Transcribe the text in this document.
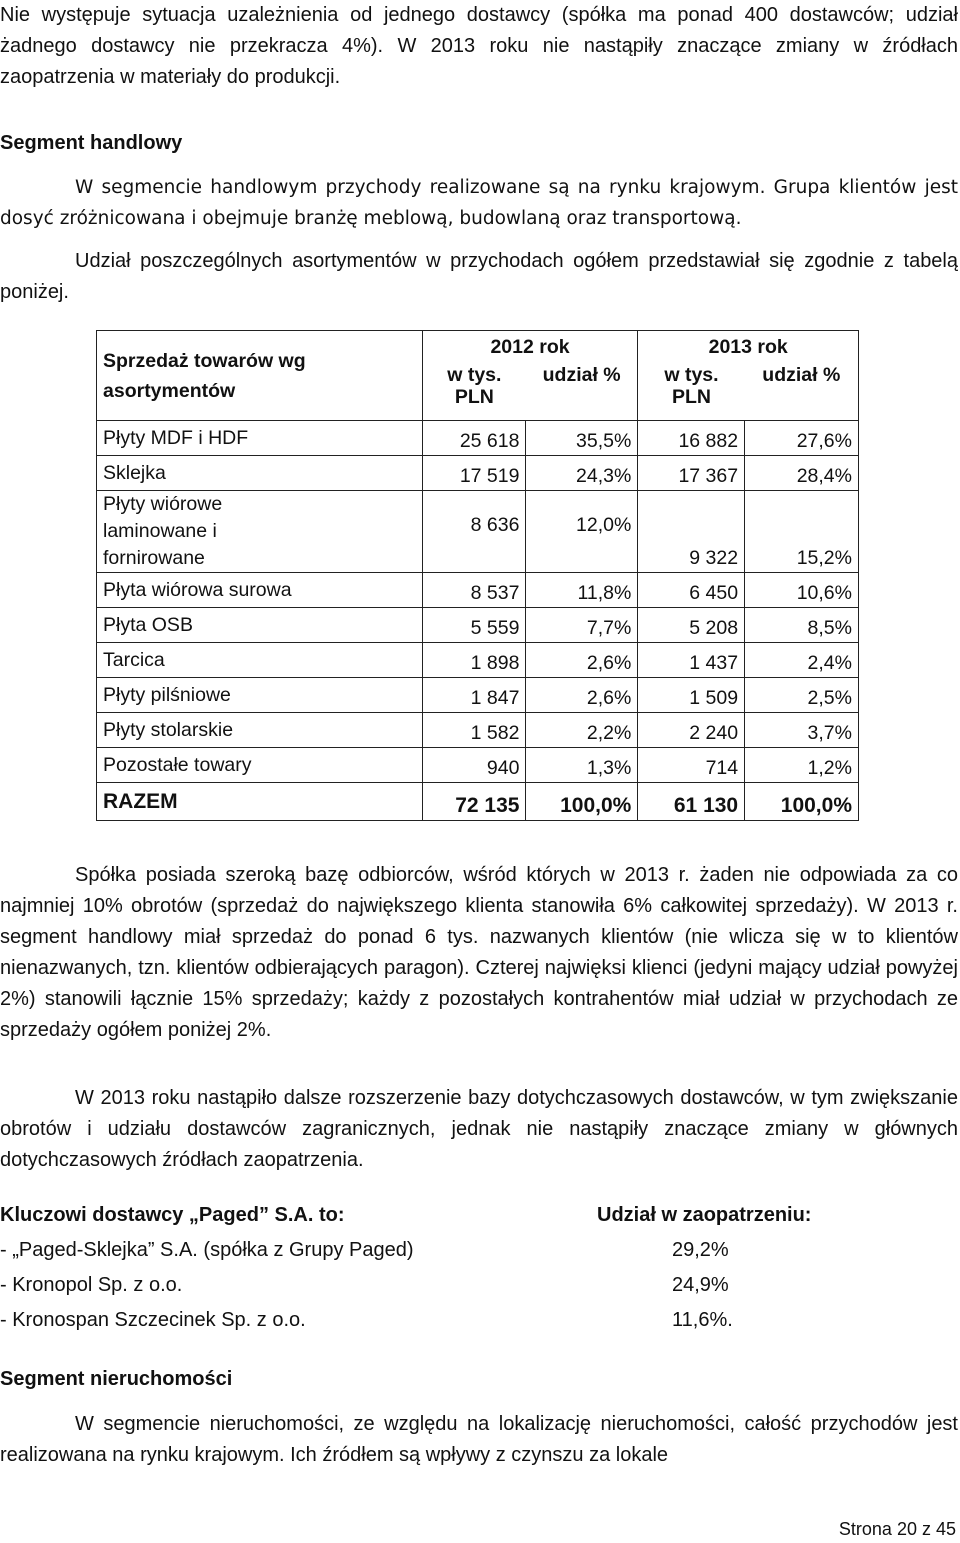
Nie występuje sytuacja uzależnienia od jednego dostawcy (spółka ma ponad 400 dostawców; udział żadnego dostawcy nie przekracza 4%). W 2013 roku nie nastąpiły znaczące zmiany w źródłach zaopatrzenia w materiały do produkcji.

Segment handlowy

W segmencie handlowym przychody realizowane są na rynku krajowym. Grupa klientów jest dosyć zróżnicowana i obejmuje branżę meblową, budowlaną oraz transportową.

Udział poszczególnych asortymentów w przychodach ogółem przedstawiał się zgodnie z tabelą poniżej.

Sprzedaż towarów wg asortymentów	2012 rok		2013 rok	
	w tys. PLN	udział %	w tys. PLN	udział %
Płyty MDF i HDF	25 618	35,5%	16 882	27,6%
Sklejka	17 519	24,3%	17 367	28,4%
Płyty wiórowe laminowane i fornirowane	8 636	12,0%	9 322	15,2%
Płyta wiórowa surowa	8 537	11,8%	6 450	10,6%
Płyta OSB	5 559	7,7%	5 208	8,5%
Tarcica	1 898	2,6%	1 437	2,4%
Płyty pilśniowe	1 847	2,6%	1 509	2,5%
Płyty stolarskie	1 582	2,2%	2 240	3,7%
Pozostałe towary	940	1,3%	714	1,2%
RAZEM	72 135	100,0%	61 130	100,0%

Spółka posiada szeroką bazę odbiorców, wśród których w 2013 r. żaden nie odpowiada za co najmniej 10% obrotów (sprzedaż do największego klienta stanowiła 6% całkowitej sprzedaży). W 2013 r. segment handlowy miał sprzedaż do ponad 6 tys. nazwanych klientów (nie wlicza się w to klientów nienazwanych, tzn. klientów odbierających paragon). Czterej najwięksi klienci (jedyni mający udział powyżej 2%) stanowili łącznie 15% sprzedaży; każdy z pozostałych kontrahentów miał udział w przychodach ze sprzedaży ogółem poniżej 2%.

W 2013 roku nastąpiło dalsze rozszerzenie bazy dotychczasowych dostawców, w tym zwiększanie obrotów i udziału dostawców zagranicznych, jednak nie nastąpiły znaczące zmiany w głównych dotychczasowych źródłach zaopatrzenia.

Kluczowi dostawcy „Paged” S.A. to:	Udział w zaopatrzeniu:
- „Paged-Sklejka” S.A. (spółka z Grupy Paged)	29,2%
- Kronopol Sp. z o.o.	24,9%
- Kronospan Szczecinek Sp. z o.o.	11,6%.

Segment nieruchomości

W segmencie nieruchomości, ze względu na lokalizację nieruchomości, całość przychodów jest realizowana na rynku krajowym. Ich źródłem są wpływy z czynszu za lokale

Strona 20 z 45
